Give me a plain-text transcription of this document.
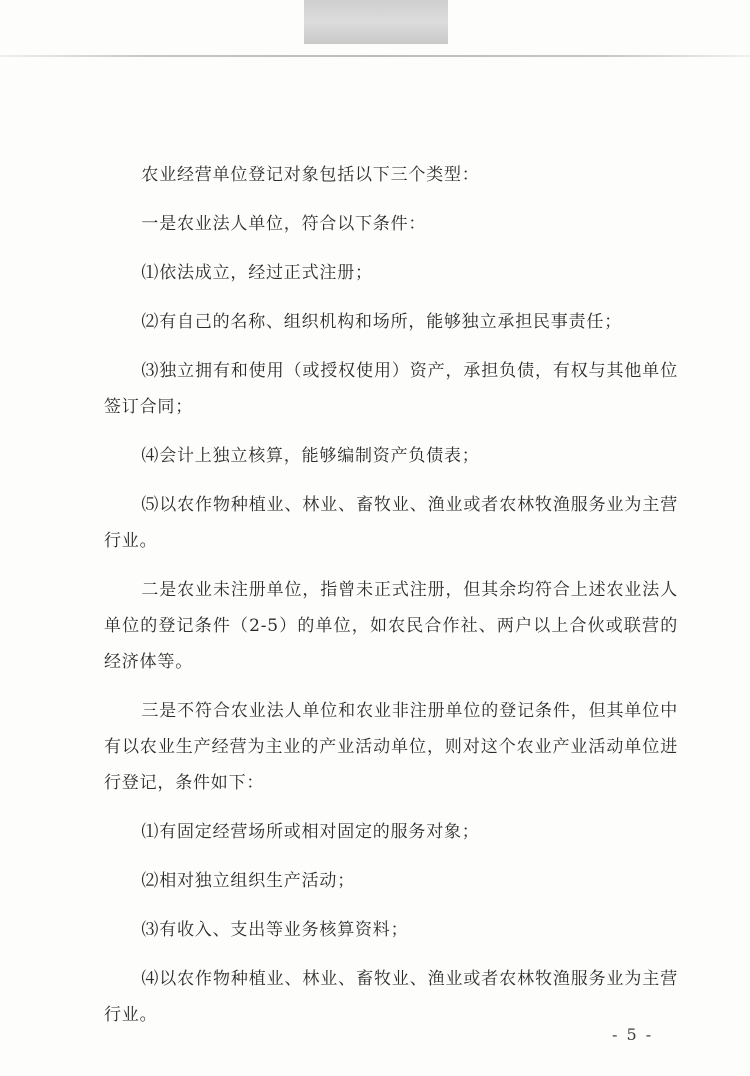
农业经营单位登记对象包括以下三个类型：

一是农业法人单位，符合以下条件：

⑴依法成立，经过正式注册；

⑵有自己的名称、组织机构和场所，能够独立承担民事责任；

⑶独立拥有和使用（或授权使用）资产，承担负债，有权与其他单位签订合同；

⑷会计上独立核算，能够编制资产负债表；

⑸以农作物种植业、林业、畜牧业、渔业或者农林牧渔服务业为主营行业。

二是农业未注册单位，指曾未正式注册，但其余均符合上述农业法人单位的登记条件（2-5）的单位，如农民合作社、两户以上合伙或联营的经济体等。

三是不符合农业法人单位和农业非注册单位的登记条件，但其单位中有以农业生产经营为主业的产业活动单位，则对这个农业产业活动单位进行登记，条件如下：

⑴有固定经营场所或相对固定的服务对象；

⑵相对独立组织生产活动；

⑶有收入、支出等业务核算资料；

⑷以农作物种植业、林业、畜牧业、渔业或者农林牧渔服务业为主营行业。

- 5 -
